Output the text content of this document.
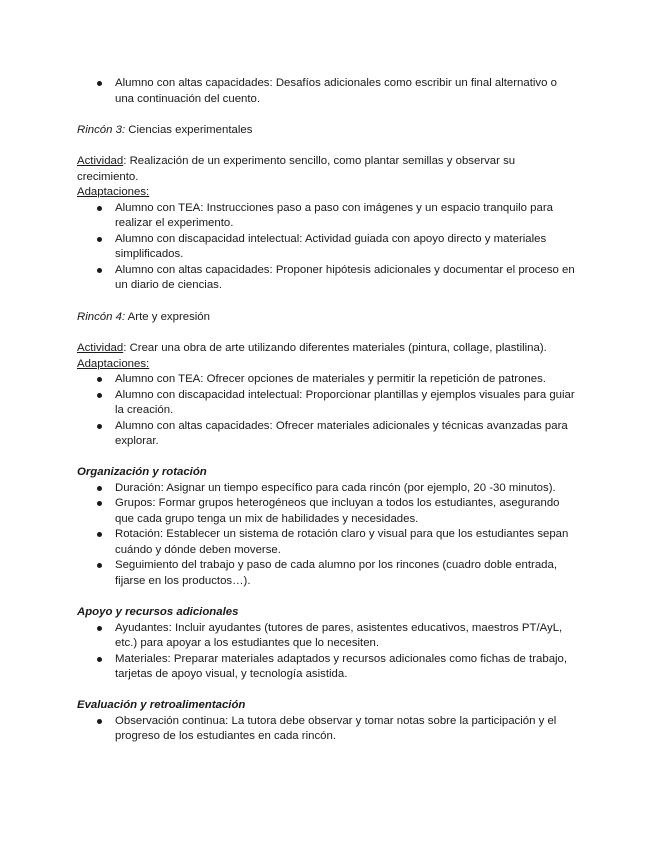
Alumno con altas capacidades: Desafíos adicionales como escribir un final alternativo o una continuación del cuento.
Rincón 3: Ciencias experimentales

Actividad: Realización de un experimento sencillo, como plantar semillas y observar su crecimiento.

Adaptaciones:

Alumno con TEA: Instrucciones paso a paso con imágenes y un espacio tranquilo para realizar el experimento.
Alumno con discapacidad intelectual: Actividad guiada con apoyo directo y materiales simplificados.
Alumno con altas capacidades: Proponer hipótesis adicionales y documentar el proceso en un diario de ciencias.
Rincón 4: Arte y expresión

Actividad: Crear una obra de arte utilizando diferentes materiales (pintura, collage, plastilina).

Adaptaciones:

Alumno con TEA: Ofrecer opciones de materiales y permitir la repetición de patrones.
Alumno con discapacidad intelectual: Proporcionar plantillas y ejemplos visuales para guiar la creación.
Alumno con altas capacidades: Ofrecer materiales adicionales y técnicas avanzadas para explorar.

Organización y rotación

Duración: Asignar un tiempo específico para cada rincón (por ejemplo, 20 -30 minutos).
Grupos: Formar grupos heterogéneos que incluyan a todos los estudiantes, asegurando que cada grupo tenga un mix de habilidades y necesidades.
Rotación: Establecer un sistema de rotación claro y visual para que los estudiantes sepan cuándo y dónde deben moverse.
Seguimiento del trabajo y paso de cada alumno por los rincones (cuadro doble entrada, fijarse en los productos…).

Apoyo y recursos adicionales

Ayudantes: Incluir ayudantes (tutores de pares, asistentes educativos, maestros PT/AyL, etc.) para apoyar a los estudiantes que lo necesiten.
Materiales: Preparar materiales adaptados y recursos adicionales como fichas de trabajo, tarjetas de apoyo visual, y tecnología asistida.

Evaluación y retroalimentación

Observación continua: La tutora debe observar y tomar notas sobre la participación y el progreso de los estudiantes en cada rincón.
